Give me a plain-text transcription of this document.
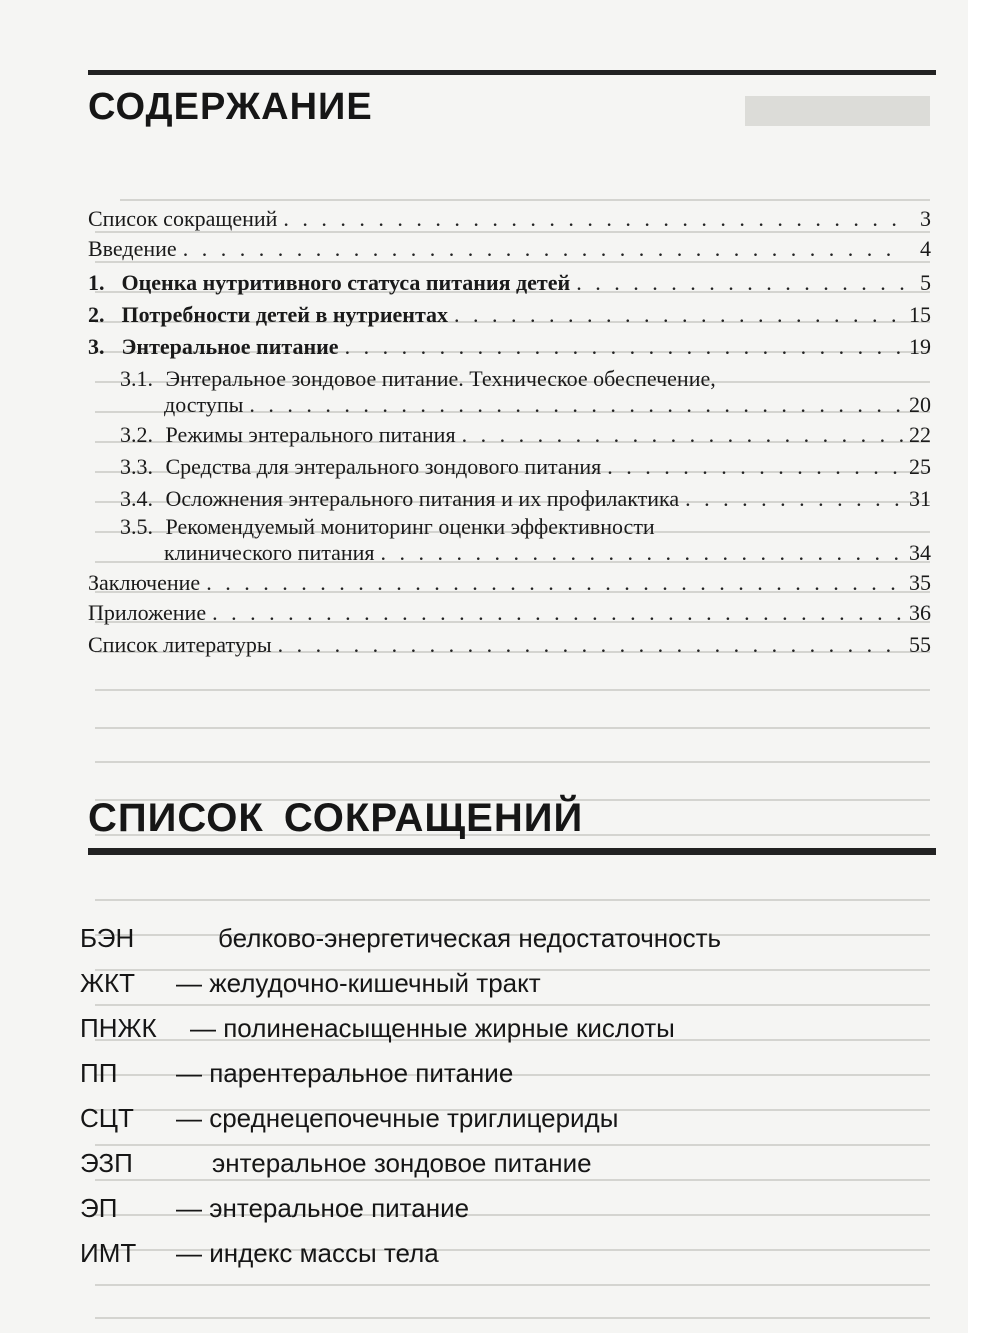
СОДЕРЖАНИЕ
Список сокращений . . .	3
Введение . . .	4
1. Оценка нутритивного статуса питания детей . . .	5
2. Потребности детей в нутриентах . . .	15
3. Энтеральное питание . . .	19
3.1. Энтеральное зондовое питание. Техническое обеспечение,
доступы . . .	20
3.2. Режимы энтерального питания . . .	22
3.3. Средства для энтерального зондового питания . . .	25
3.4. Осложнения энтерального питания и их профилактика . . .	31
3.5. Рекомендуемый мониторинг оценки эффективности
клинического питания . . .	34
Заключение . . .	35
Приложение . . .	36
Список литературы . . .	55
СПИСОК СОКРАЩЕНИЙ
БЭН	белково-энергетическая недостаточность
ЖКТ — желудочно-кишечный тракт
ПНЖК — полиненасыщенные жирные кислоты
ПП — парентеральное питание
СЦТ — среднецепочечные триглицериды
ЭЗП	энтеральное зондовое питание
ЭП — энтеральное питание
ИМТ — индекс массы тела
